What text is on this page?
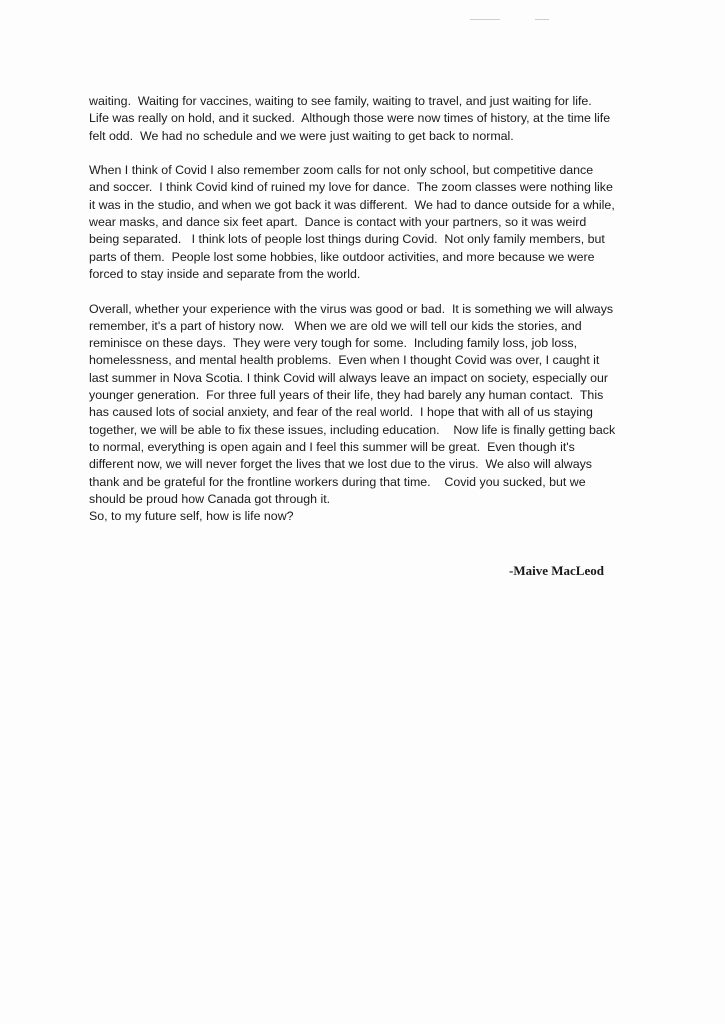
waiting.  Waiting for vaccines, waiting to see family, waiting to travel, and just waiting for life.
Life was really on hold, and it sucked.  Although those were now times of history, at the time life
felt odd.  We had no schedule and we were just waiting to get back to normal.
When I think of Covid I also remember zoom calls for not only school, but competitive dance
and soccer.  I think Covid kind of ruined my love for dance.  The zoom classes were nothing like
it was in the studio, and when we got back it was different.  We had to dance outside for a while,
wear masks, and dance six feet apart.  Dance is contact with your partners, so it was weird
being separated.   I think lots of people lost things during Covid.  Not only family members, but
parts of them.  People lost some hobbies, like outdoor activities, and more because we were
forced to stay inside and separate from the world.
Overall, whether your experience with the virus was good or bad.  It is something we will always
remember, it's a part of history now.   When we are old we will tell our kids the stories, and
reminisce on these days.  They were very tough for some.  Including family loss, job loss,
homelessness, and mental health problems.  Even when I thought Covid was over, I caught it
last summer in Nova Scotia. I think Covid will always leave an impact on society, especially our
younger generation.  For three full years of their life, they had barely any human contact.  This
has caused lots of social anxiety, and fear of the real world.  I hope that with all of us staying
together, we will be able to fix these issues, including education.    Now life is finally getting back
to normal, everything is open again and I feel this summer will be great.  Even though it's
different now, we will never forget the lives that we lost due to the virus.  We also will always
thank and be grateful for the frontline workers during that time.    Covid you sucked, but we
should be proud how Canada got through it.
So, to my future self, how is life now?
-Maive MacLeod
